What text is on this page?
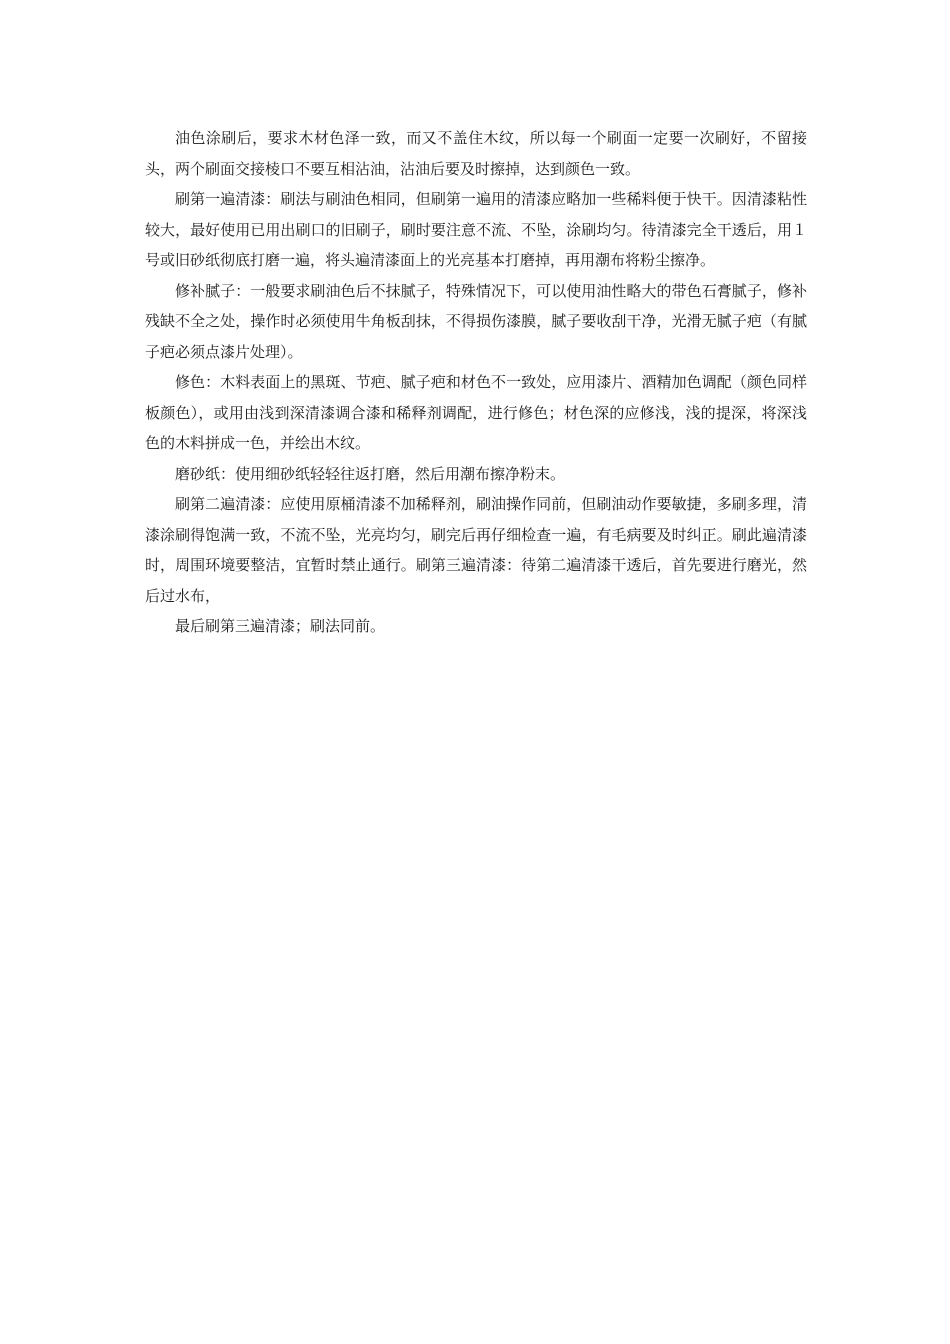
油色涂刷后，要求木材色泽一致，而又不盖住木纹，所以每一个刷面一定要一次刷好，不留接头，两个刷面交接棱口不要互相沾油，沾油后要及时擦掉，达到颜色一致。

刷第一遍清漆：刷法与刷油色相同，但刷第一遍用的清漆应略加一些稀料便于快干。因清漆粘性较大，最好使用已用出刷口的旧刷子，刷时要注意不流、不坠，涂刷均匀。待清漆完全干透后，用１ 号或旧砂纸彻底打磨一遍，将头遍清漆面上的光亮基本打磨掉，再用潮布将粉尘擦净。

修补腻子：一般要求刷油色后不抹腻子，特殊情况下，可以使用油性略大的带色石膏腻子，修补残缺不全之处，操作时必须使用牛角板刮抹，不得损伤漆膜，腻子要收刮干净，光滑无腻子疤（有腻子疤必须点漆片处理）。

修色：木料表面上的黑斑、节疤、腻子疤和材色不一致处，应用漆片、酒精加色调配（颜色同样板颜色），或用由浅到深清漆调合漆和稀释剂调配，进行修色；材色深的应修浅，浅的提深，将深浅色的木料拼成一色，并绘出木纹。

磨砂纸：使用细砂纸轻轻往返打磨，然后用潮布擦净粉末。

刷第二遍清漆：应使用原桶清漆不加稀释剂，刷油操作同前，但刷油动作要敏捷，多刷多理，清漆涂刷得饱满一致，不流不坠，光亮均匀，刷完后再仔细检查一遍，有毛病要及时纠正。刷此遍清漆时，周围环境要整洁，宜暂时禁止通行。刷第三遍清漆：待第二遍清漆干透后，首先要进行磨光，然后过水布，

最后刷第三遍清漆；刷法同前。
